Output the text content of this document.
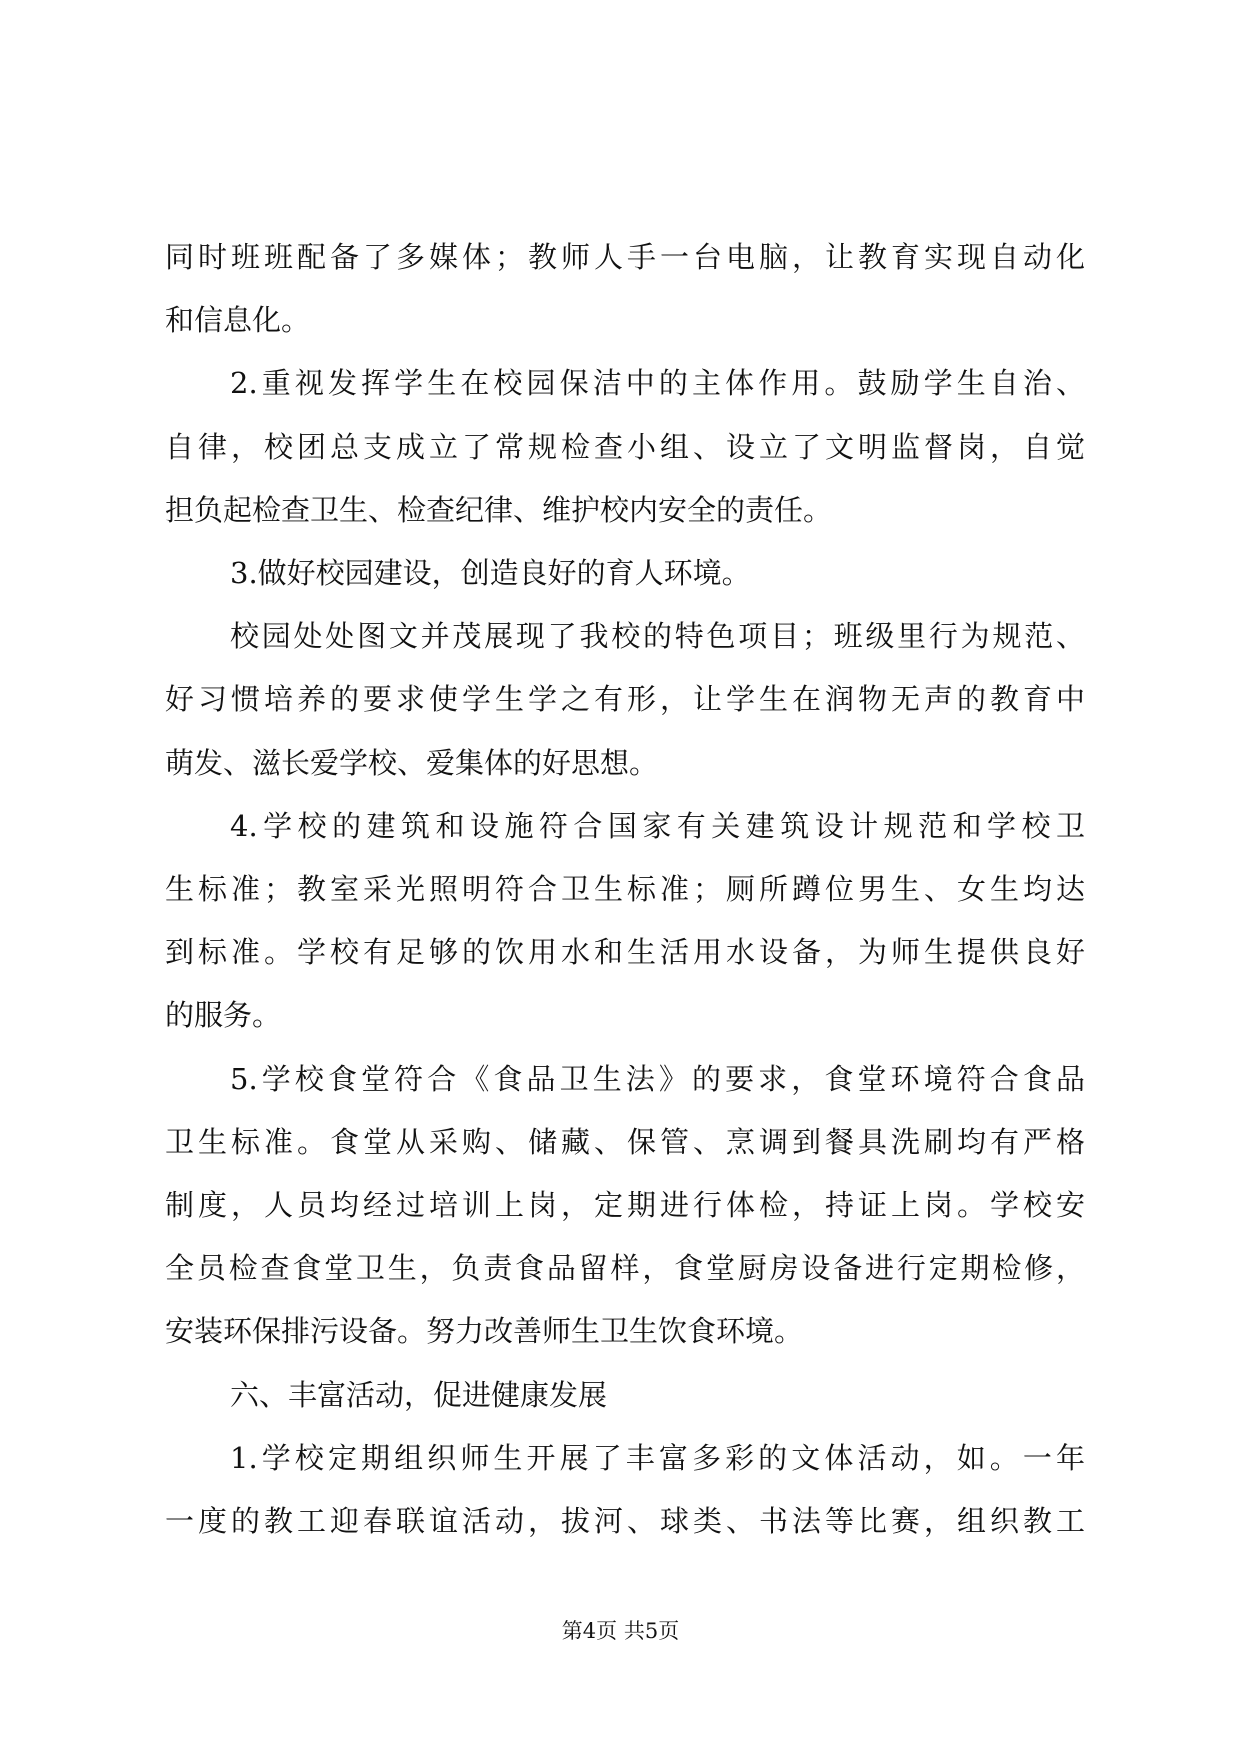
同时班班配备了多媒体；教师人手一台电脑，让教育实现自动化
和信息化。
2.重视发挥学生在校园保洁中的主体作用。鼓励学生自治、
自律，校团总支成立了常规检查小组、设立了文明监督岗，自觉
担负起检查卫生、检查纪律、维护校内安全的责任。
3.做好校园建设，创造良好的育人环境。
校园处处图文并茂展现了我校的特色项目；班级里行为规范、
好习惯培养的要求使学生学之有形，让学生在润物无声的教育中
萌发、滋长爱学校、爱集体的好思想。
4.学校的建筑和设施符合国家有关建筑设计规范和学校卫
生标准；教室采光照明符合卫生标准；厕所蹲位男生、女生均达
到标准。学校有足够的饮用水和生活用水设备，为师生提供良好
的服务。
5.学校食堂符合《食品卫生法》的要求，食堂环境符合食品
卫生标准。食堂从采购、储藏、保管、烹调到餐具洗刷均有严格
制度，人员均经过培训上岗，定期进行体检，持证上岗。学校安
全员检查食堂卫生，负责食品留样，食堂厨房设备进行定期检修，
安装环保排污设备。努力改善师生卫生饮食环境。
六、丰富活动，促进健康发展
1.学校定期组织师生开展了丰富多彩的文体活动，如。一年
一度的教工迎春联谊活动，拔河、球类、书法等比赛，组织教工
第4页 共5页
